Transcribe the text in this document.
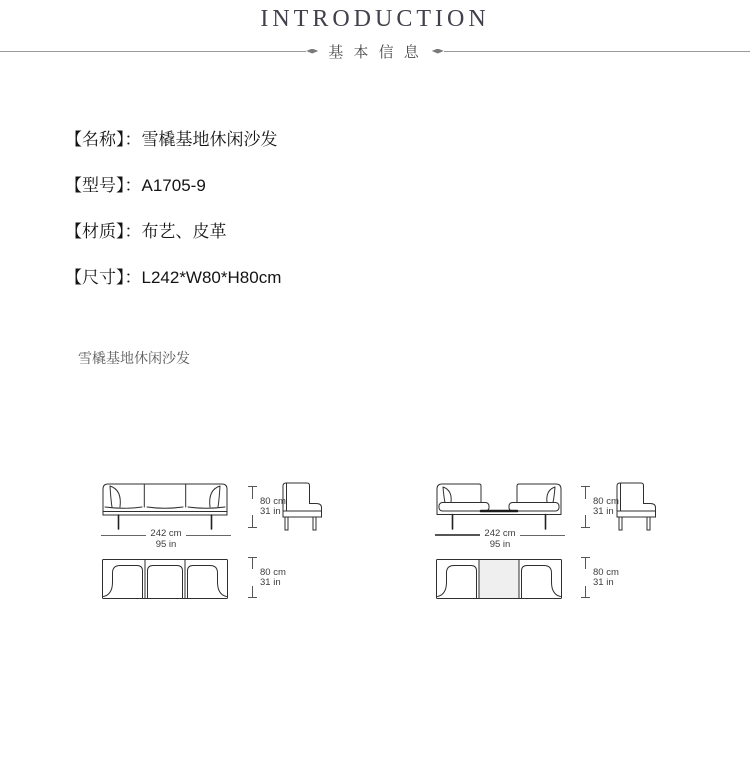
INTRODUCTION
基 本 信 息
【名称】：雪橇基地休闲沙发
【型号】：A1705-9
【材质】：布艺、皮革
【尺寸】：L242*W80*H80cm
雪橇基地休闲沙发
80 cm
31 in
242 cm
95 in
80 cm
31 in
80 cm
31 in
242 cm
95 in
80 cm
31 in
